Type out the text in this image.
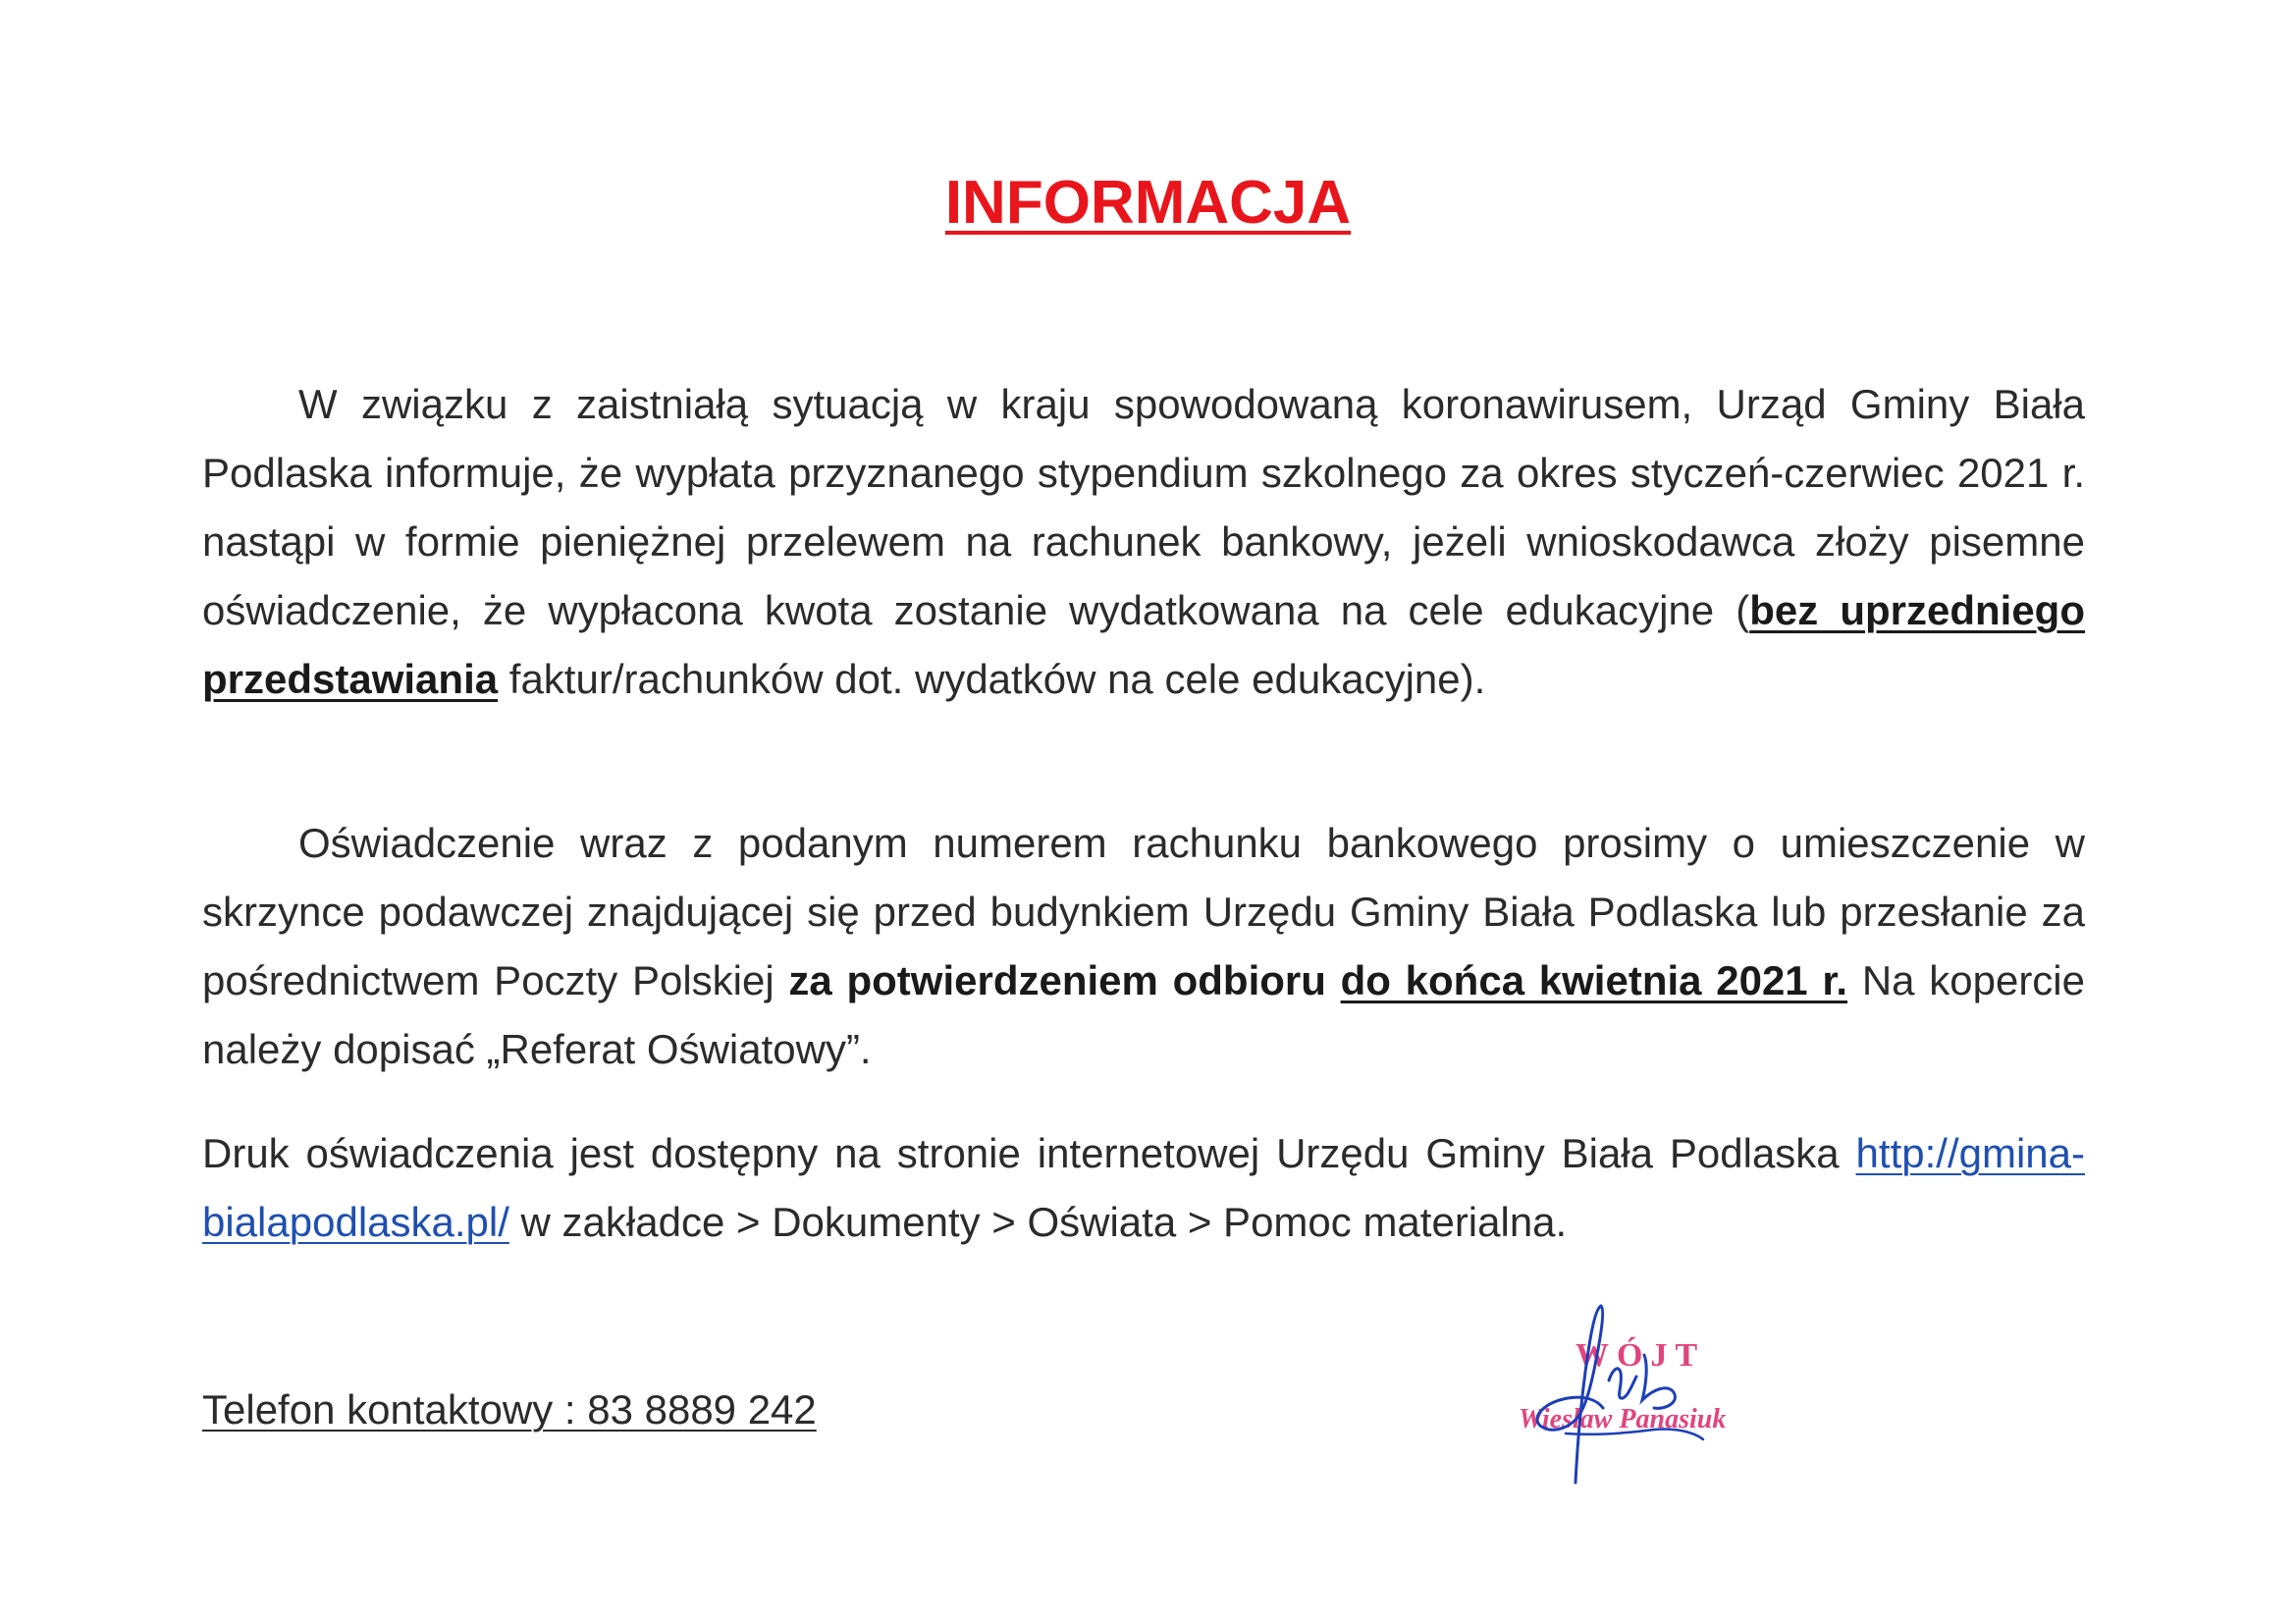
INFORMACJA
W związku z zaistniałą sytuacją w kraju spowodowaną koronawirusem, Urząd Gminy Biała Podlaska informuje, że wypłata przyznanego stypendium szkolnego za okres styczeń-czerwiec 2021 r. nastąpi w formie pieniężnej przelewem na rachunek bankowy, jeżeli wnioskodawca złoży pisemne oświadczenie, że wypłacona kwota zostanie wydatkowana na cele edukacyjne (bez uprzedniego przedstawiania faktur/rachunków dot. wydatków na cele edukacyjne).
Oświadczenie wraz z podanym numerem rachunku bankowego prosimy o umieszczenie w skrzynce podawczej znajdującej się przed budynkiem Urzędu Gminy Biała Podlaska lub przesłanie za pośrednictwem Poczty Polskiej za potwierdzeniem odbioru do końca kwietnia 2021 r. Na kopercie należy dopisać „Referat Oświatowy”.
Druk oświadczenia jest dostępny na stronie internetowej Urzędu Gminy Biała Podlaska http://gmina-bialapodlaska.pl/ w zakładce > Dokumenty > Oświata > Pomoc materialna.
Telefon kontaktowy : 83 8889 242
WÓJT
Wiesław Panasiuk
